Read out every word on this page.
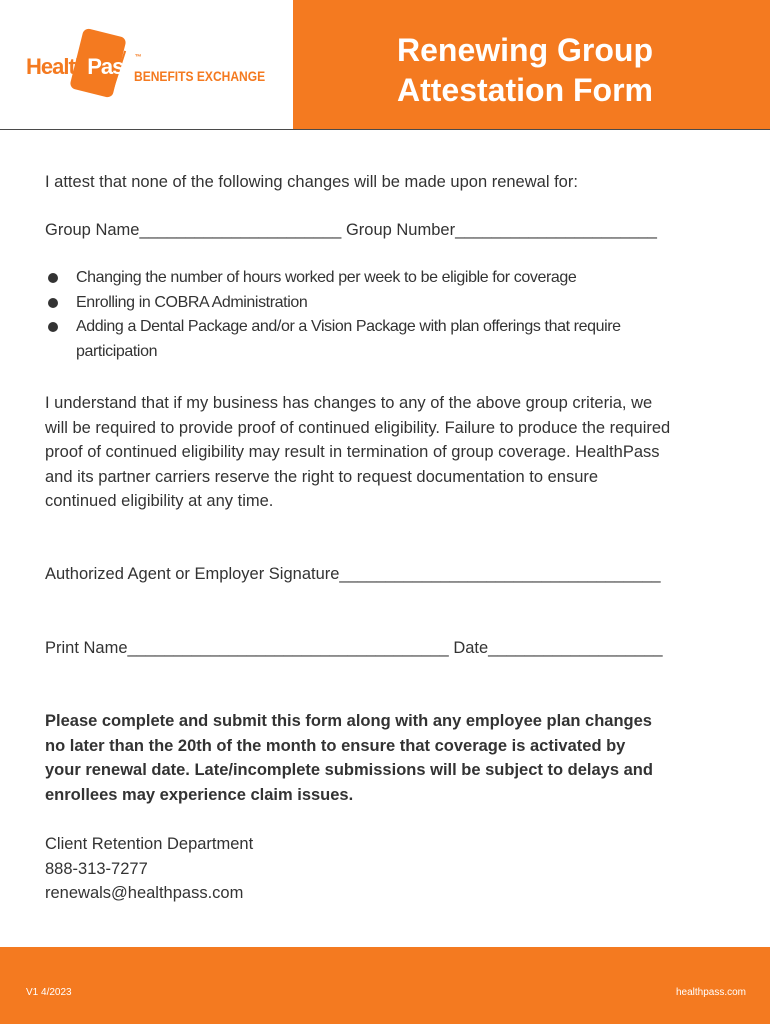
HealthPass™
BENEFITS EXCHANGE
Renewing Group
Attestation Form
I attest that none of the following changes will be made upon renewal for:
Group Name______________________ Group Number______________________
Changing the number of hours worked per week to be eligible for coverage
Enrolling in COBRA Administration
Adding a Dental Package and/or a Vision Package with plan offerings that require
participation
I understand that if my business has changes to any of the above group criteria, we
will be required to provide proof of continued eligibility. Failure to produce the required
proof of continued eligibility may result in termination of group coverage. HealthPass
and its partner carriers reserve the right to request documentation to ensure
continued eligibility at any time.
Authorized Agent or Employer Signature___________________________________
Print Name___________________________________ Date___________________
Please complete and submit this form along with any employee plan changes
no later than the 20th of the month to ensure that coverage is activated by
your renewal date. Late/incomplete submissions will be subject to delays and
enrollees may experience claim issues.
Client Retention Department
888-313-7277
renewals@healthpass.com
V1 4/2023	healthpass.com
